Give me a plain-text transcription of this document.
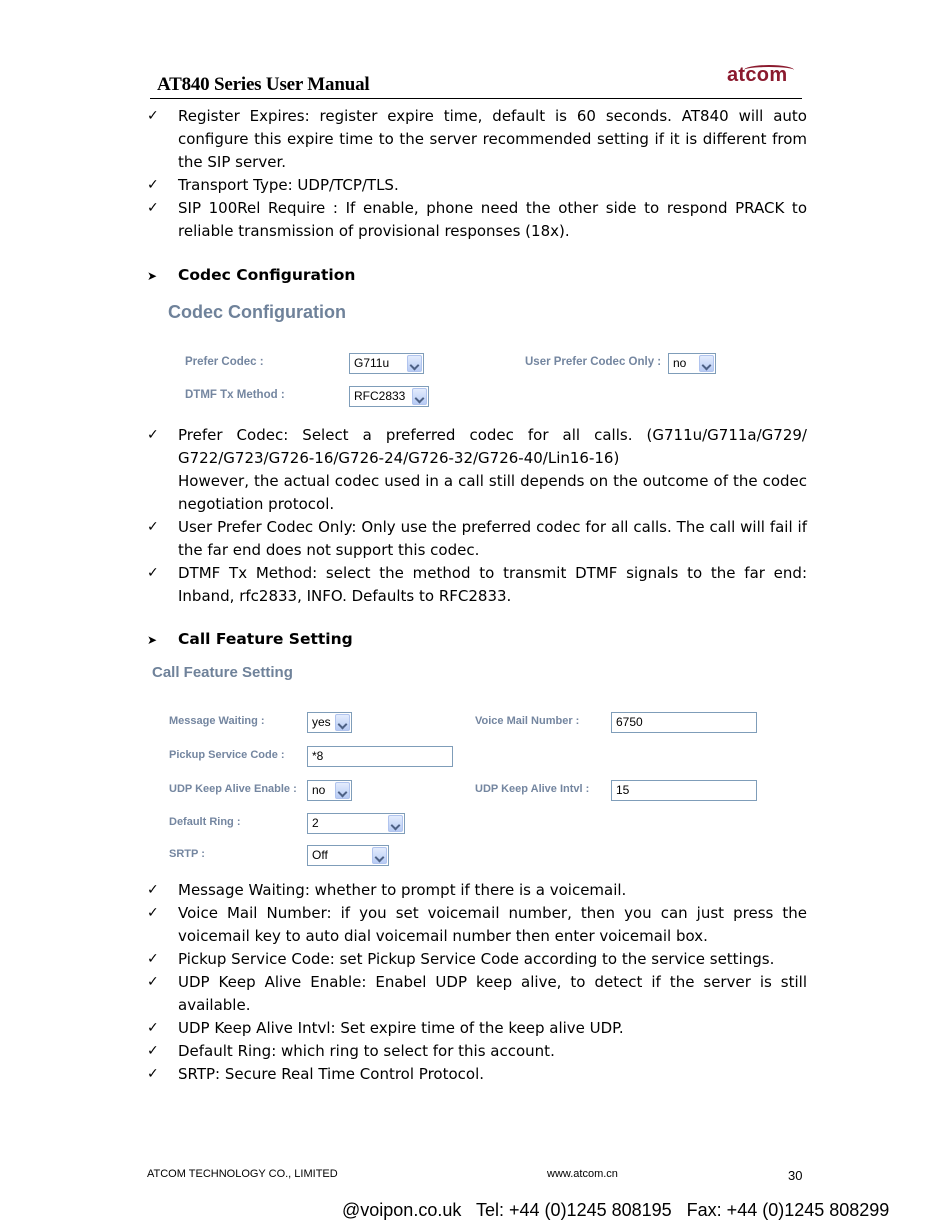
AT840 Series User Manual	atcom
✓ Register Expires: register expire time, default is 60 seconds. AT840 will auto configure this expire time to the server recommended setting if it is different from the SIP server.
✓ Transport Type: UDP/TCP/TLS.
✓ SIP 100Rel Require : If enable, phone need the other side to respond PRACK to reliable transmission of provisional responses (18x).
➤ Codec Configuration
Codec Configuration
Prefer Codec :	G711u	User Prefer Codec Only : no
DTMF Tx Method :	RFC2833
✓ Prefer Codec: Select a preferred codec for all calls. (G711u/G711a/G729/ G722/G723/G726-16/G726-24/G726-32/G726-40/Lin16-16)
However, the actual codec used in a call still depends on the outcome of the codec negotiation protocol.
✓ User Prefer Codec Only: Only use the preferred codec for all calls. The call will fail if the far end does not support this codec.
✓ DTMF Tx Method: select the method to transmit DTMF signals to the far end: Inband, rfc2833, INFO. Defaults to RFC2833.
➤ Call Feature Setting
Call Feature Setting
Message Waiting :	yes	Voice Mail Number :	6750
Pickup Service Code :	*8
UDP Keep Alive Enable :	no	UDP Keep Alive Intvl :	15
Default Ring :	2
SRTP :	Off
✓ Message Waiting: whether to prompt if there is a voicemail.
✓ Voice Mail Number: if you set voicemail number, then you can just press the voicemail key to auto dial voicemail number then enter voicemail box.
✓ Pickup Service Code: set Pickup Service Code according to the service settings.
✓ UDP Keep Alive Enable: Enabel UDP keep alive, to detect if the server is still available.
✓ UDP Keep Alive Intvl: Set expire time of the keep alive UDP.
✓ Default Ring: which ring to select for this account.
✓ SRTP: Secure Real Time Control Protocol.
ATCOM TECHNOLOGY CO., LIMITED	www.atcom.cn	30
@voipon.co.uk   Tel: +44 (0)1245 808195   Fax: +44 (0)1245 808299
